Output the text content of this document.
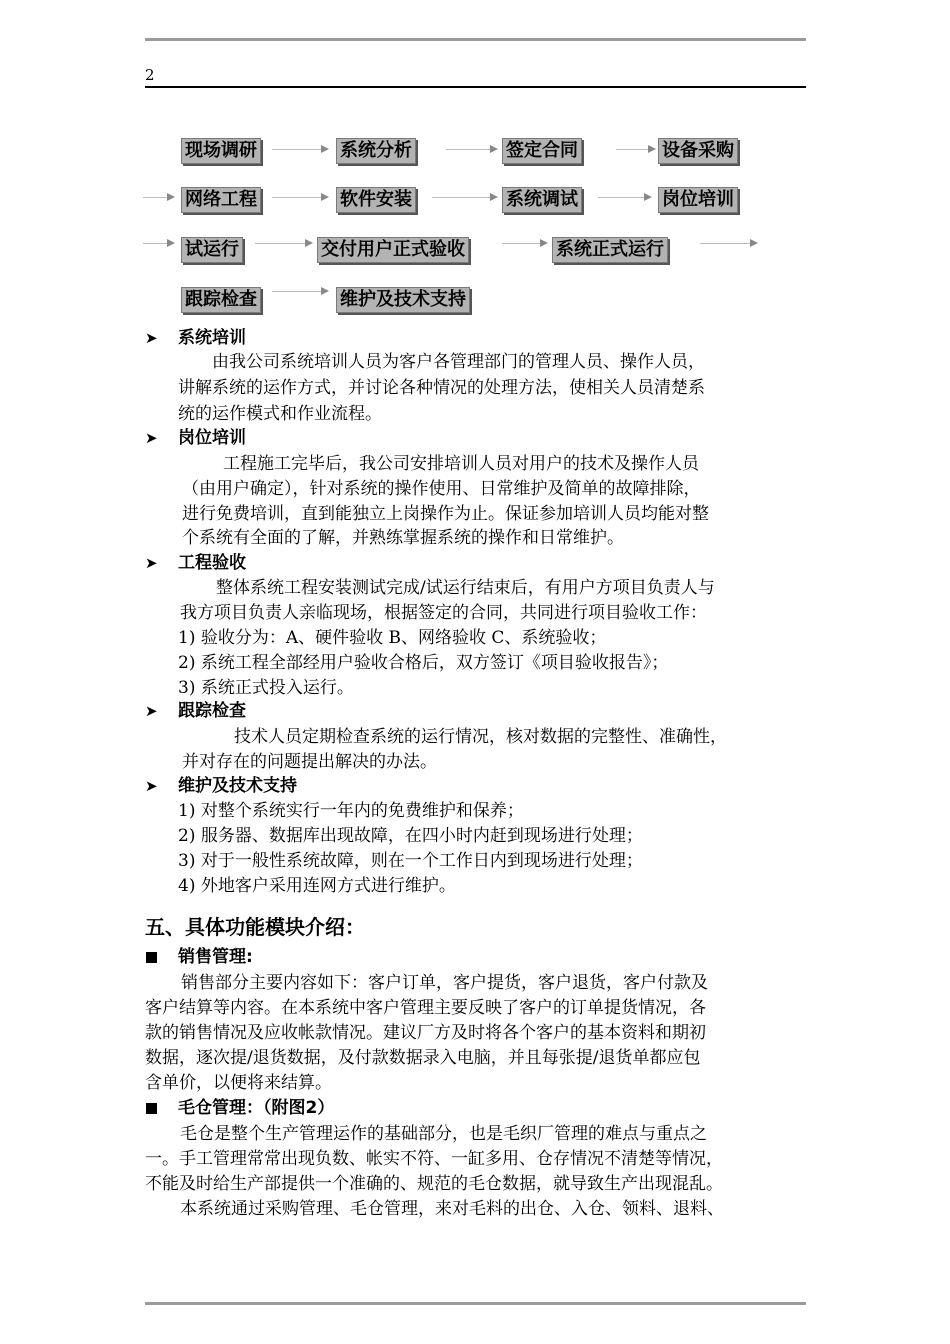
2
现场调研	系统分析	签定合同	设备采购
网络工程	软件安装	系统调试	岗位培训
试运行	交付用户正式验收	系统正式运行
跟踪检查	维护及技术支持
➤ 系统培训
由我公司系统培训人员为客户各管理部门的管理人员、操作人员，
讲解系统的运作方式，并讨论各种情况的处理方法，使相关人员清楚系
统的运作模式和作业流程。
➤ 岗位培训
工程施工完毕后，我公司安排培训人员对用户的技术及操作人员
（由用户确定），针对系统的操作使用、日常维护及简单的故障排除，
进行免费培训，直到能独立上岗操作为止。保证参加培训人员均能对整
个系统有全面的了解，并熟练掌握系统的操作和日常维护。
➤ 工程验收
整体系统工程安装测试完成/试运行结束后，有用户方项目负责人与
我方项目负责人亲临现场，根据签定的合同，共同进行项目验收工作：
1) 验收分为：A、硬件验收 B、网络验收 C、系统验收；
2) 系统工程全部经用户验收合格后，双方签订《项目验收报告》；
3) 系统正式投入运行。
➤ 跟踪检查
技术人员定期检查系统的运行情况，核对数据的完整性、准确性，
并对存在的问题提出解决的办法。
➤ 维护及技术支持
1) 对整个系统实行一年内的免费维护和保养；
2) 服务器、数据库出现故障，在四小时内赶到现场进行处理；
3) 对于一般性系统故障，则在一个工作日内到现场进行处理；
4) 外地客户采用连网方式进行维护。
五、具体功能模块介绍：
销售管理:
销售部分主要内容如下：客户订单，客户提货，客户退货，客户付款及
客户结算等内容。在本系统中客户管理主要反映了客户的订单提货情况，各
款的销售情况及应收帐款情况。建议厂方及时将各个客户的基本资料和期初
数据，逐次提/退货数据，及付款数据录入电脑，并且每张提/退货单都应包
含单价，以便将来结算。
毛仓管理：（附图2）
毛仓是整个生产管理运作的基础部分，也是毛织厂管理的难点与重点之
一。手工管理常常出现负数、帐实不符、一缸多用、仓存情况不清楚等情况，
不能及时给生产部提供一个准确的、规范的毛仓数据，就导致生产出现混乱。
本系统通过采购管理、毛仓管理，来对毛料的出仓、入仓、领料、退料、
